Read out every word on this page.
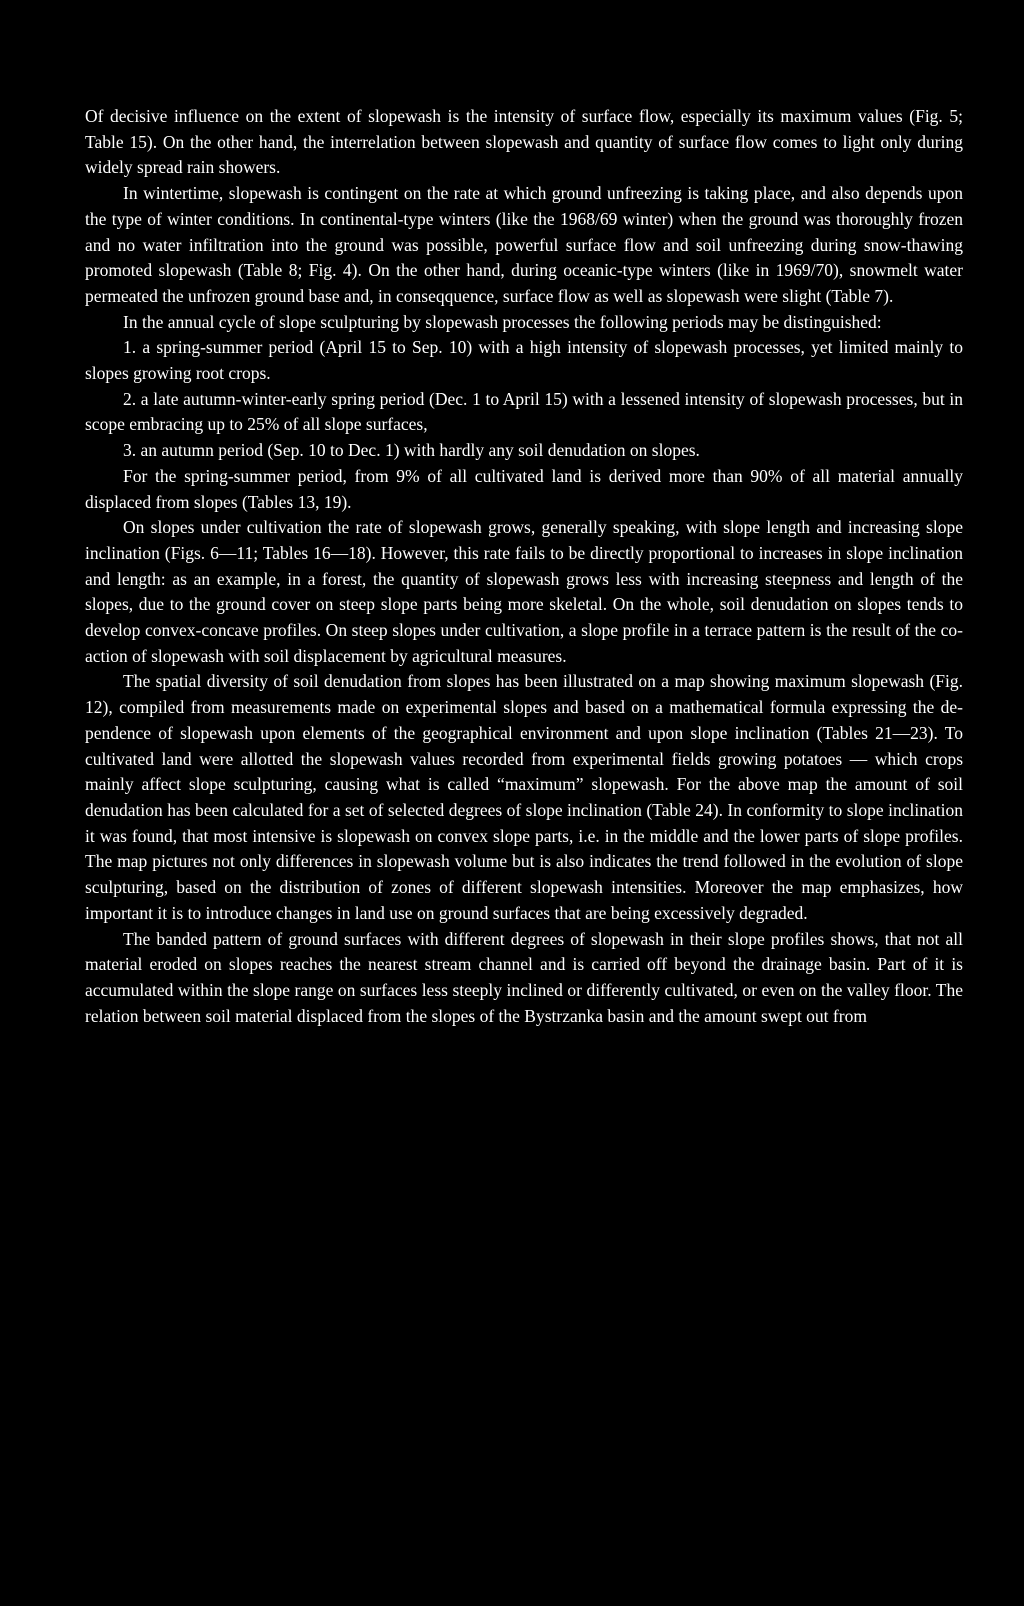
Of decisive influence on the extent of slopewash is the intensity of surface flow, especially its maximum values (Fig. 5; Table 15). On the other hand, the interrelation between slopewash and quantity of surface flow comes to light only during widely spread rain showers.

In wintertime, slopewash is contingent on the rate at which ground unfreezing is taking place, and also depends upon the type of winter conditions. In continental-type winters (like the 1968/69 winter) when the ground was thoroughly frozen and no water infiltration into the ground was possible, powerful surface flow and soil unfreezing during snow-thawing promoted slopewash (Table 8; Fig. 4). On the other hand, during oceanic-type winters (like in 1969/70), snowmelt water permeated the unfrozen ground base and, in conseqquence, surface flow as well as slopewash were slight (Table 7).

In the annual cycle of slope sculpturing by slopewash processes the following periods may be distinguished:

1. a spring-summer period (April 15 to Sep. 10) with a high intensity of slopewash processes, yet limited mainly to slopes growing root crops.

2. a late autumn-winter-early spring period (Dec. 1 to April 15) with a lessened intensity of slopewash processes, but in scope embracing up to 25% of all slope surfaces,

3. an autumn period (Sep. 10 to Dec. 1) with hardly any soil denudation on slopes.

For the spring-summer period, from 9% of all cultivated land is derived more than 90% of all material annually displaced from slopes (Tables 13, 19).

On slopes under cultivation the rate of slopewash grows, generally speaking, with slope length and increasing slope inclination (Figs. 6—11; Tables 16—18). However, this rate fails to be directly proportional to increases in slope inclination and length: as an example, in a forest, the quantity of slopewash grows less with increasing steepness and length of the slopes, due to the ground cover on steep slope parts being more skeletal. On the whole, soil denudation on slopes tends to develop convex-concave profiles. On steep slopes under cultivation, a slope profile in a terrace pattern is the result of the co-action of slopewash with soil displacement by agricultural measures.

The spatial diversity of soil denudation from slopes has been illustrated on a map showing maximum slopewash (Fig. 12), compiled from measurements made on experimental slopes and based on a mathematical formula expressing the dependence of slopewash upon elements of the geographical environment and upon slope inclination (Tables 21—23). To cultivated land were allotted the slopewash values recorded from experimental fields growing potatoes — which crops mainly affect slope sculpturing, causing what is called “maximum” slopewash. For the above map the amount of soil denudation has been calculated for a set of selected degrees of slope inclination (Table 24). In conformity to slope inclination it was found, that most intensive is slopewash on convex slope parts, i.e. in the middle and the lower parts of slope profiles. The map pictures not only differences in slopewash volume but is also indicates the trend followed in the evolution of slope sculpturing, based on the distribution of zones of different slopewash intensities. Moreover the map emphasizes, how important it is to introduce changes in land use on ground surfaces that are being excessively degraded.

The banded pattern of ground surfaces with different degrees of slopewash in their slope profiles shows, that not all material eroded on slopes reaches the nearest stream channel and is carried off beyond the drainage basin. Part of it is accumulated within the slope range on surfaces less steeply inclined or differently cultivated, or even on the valley floor. The relation between soil material displaced from the slopes of the Bystrzanka basin and the amount swept out from
